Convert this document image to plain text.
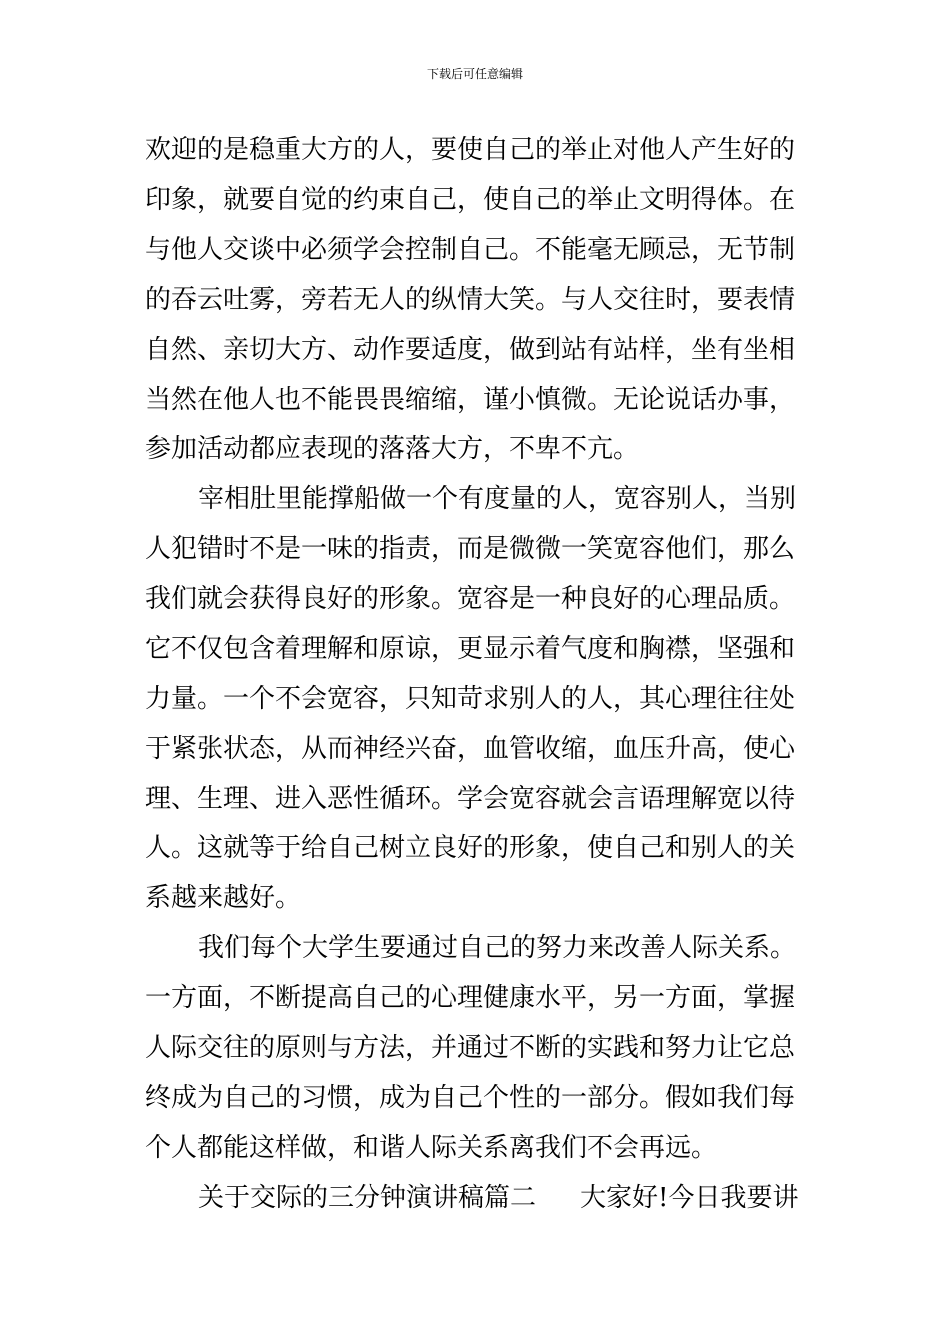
下载后可任意编辑
欢迎的是稳重大方的人，要使自己的举止对他人产生好的
印象，就要自觉的约束自己，使自己的举止文明得体。在
与他人交谈中必须学会控制自己。不能毫无顾忌，无节制
的吞云吐雾，旁若无人的纵情大笑。与人交往时，要表情
自然、亲切大方、动作要适度，做到站有站样，坐有坐相
当然在他人也不能畏畏缩缩，谨小慎微。无论说话办事，
参加活动都应表现的落落大方，不卑不亢。
宰相肚里能撑船做一个有度量的人，宽容别人，当别
人犯错时不是一味的指责，而是微微一笑宽容他们，那么
我们就会获得良好的形象。宽容是一种良好的心理品质。
它不仅包含着理解和原谅，更显示着气度和胸襟，坚强和
力量。一个不会宽容，只知苛求别人的人，其心理往往处
于紧张状态，从而神经兴奋，血管收缩，血压升高，使心
理、生理、进入恶性循环。学会宽容就会言语理解宽以待
人。这就等于给自己树立良好的形象，使自己和别人的关
系越来越好。
我们每个大学生要通过自己的努力来改善人际关系。
一方面，不断提高自己的心理健康水平，另一方面，掌握
人际交往的原则与方法，并通过不断的实践和努力让它总
终成为自己的习惯，成为自己个性的一部分。假如我们每
个人都能这样做，和谐人际关系离我们不会再远。
关于交际的三分钟演讲稿篇二 大家好!今日我要讲
